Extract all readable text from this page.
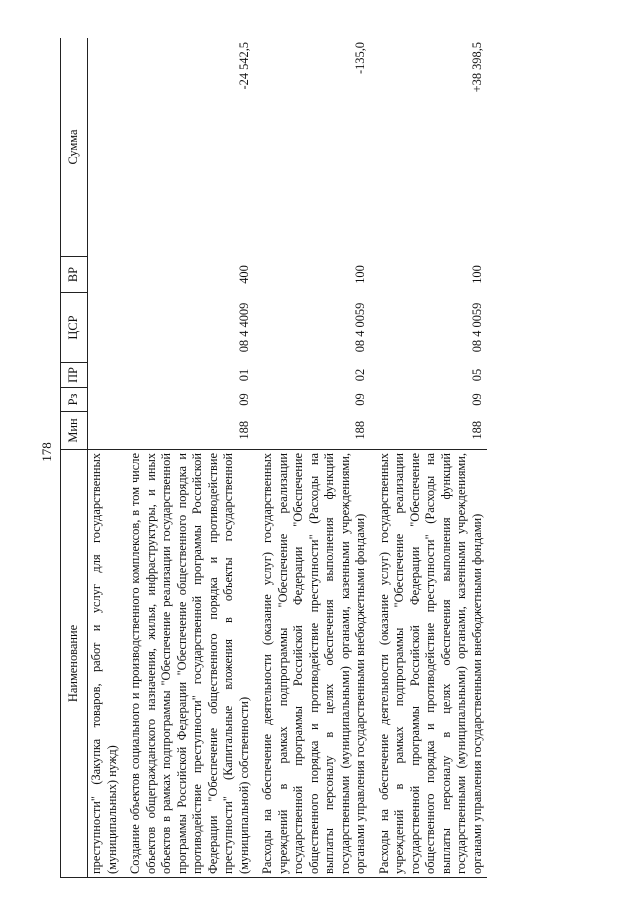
178
Наименование	Мин	Рз	ПР	ЦСР	ВР	Сумма
преступности" (Закупка товаров, работ и услуг для государственных (муниципальных) нужд)						
Создание объектов социального и производственного комплексов, в том числе объектов общегражданского назначения, жилья, инфраструктуры, и иных объектов в рамках подпрограммы "Обеспечение реализации государственной программы Российской Федерации "Обеспечение общественного порядка и противодействие преступности" государственной программы Российской Федерации "Обеспечение общественного порядка и противодействие преступности" (Капитальные вложения в объекты государственной (муниципальной) собственности)	188	09	01	08 4 4009	400	-24 542,5
Расходы на обеспечение деятельности (оказание услуг) государственных учреждений в рамках подпрограммы "Обеспечение реализации государственной программы Российской Федерации "Обеспечение общественного порядка и противодействие преступности" (Расходы на выплаты персоналу в целях обеспечения выполнения функций государственными (муниципальными) органами, казенными учреждениями, органами управления государственными внебюджетными фондами)	188	09	02	08 4 0059	100	-135,0
Расходы на обеспечение деятельности (оказание услуг) государственных учреждений в рамках подпрограммы "Обеспечение реализации государственной программы Российской Федерации "Обеспечение общественного порядка и противодействие преступности" (Расходы на выплаты персоналу в целях обеспечения выполнения функций государственными (муниципальными) органами, казенными учреждениями, органами управления государственными внебюджетными фондами)	188	09	05	08 4 0059	100	+38 398,5
